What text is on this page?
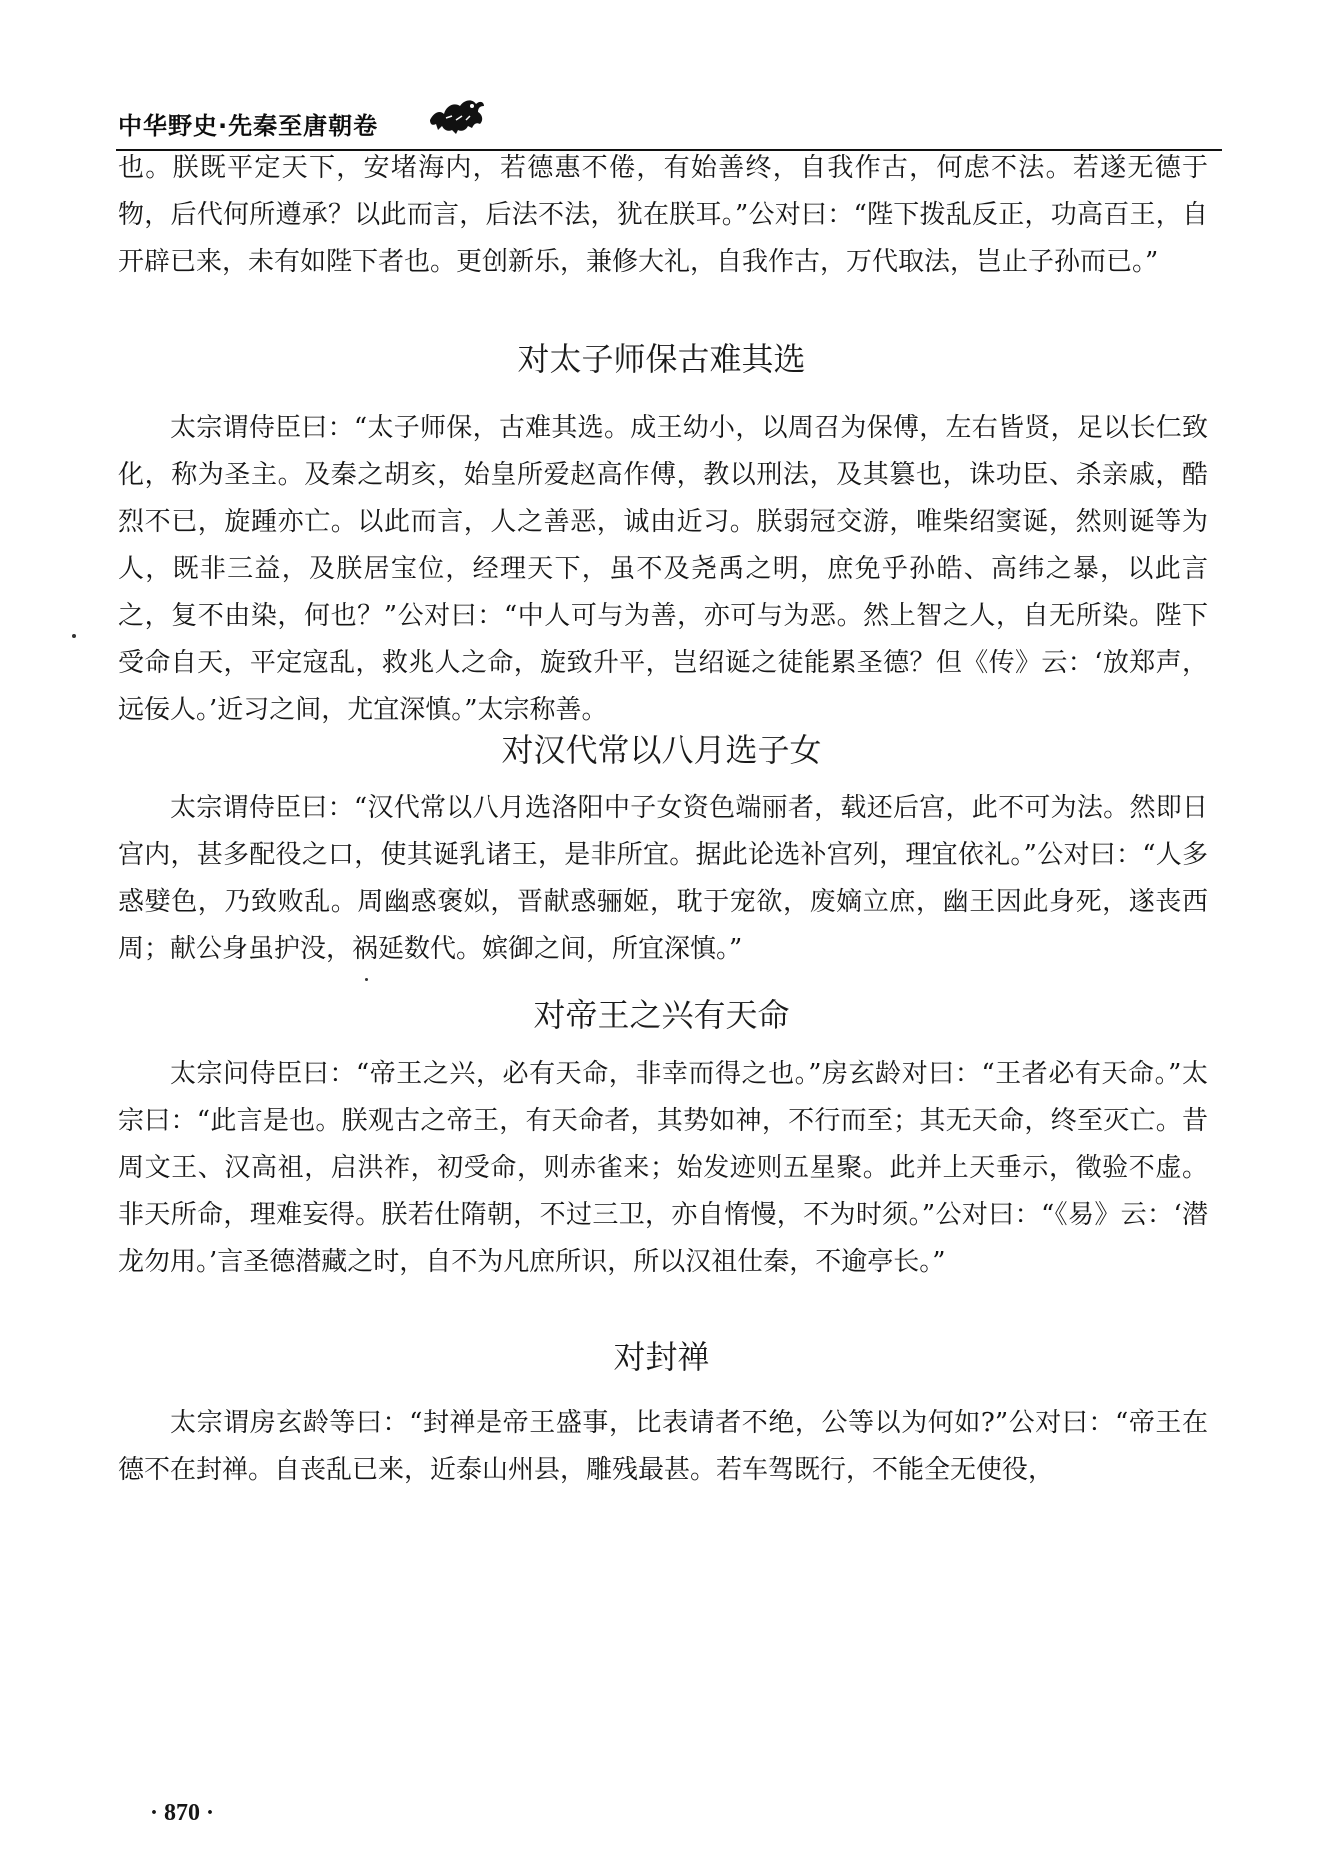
中华野史·先秦至唐朝卷

也。朕既平定天下，安堵海内，若德惠不倦，有始善终，自我作古，何虑不法。若遂无德于物，后代何所遵承？以此而言，后法不法，犹在朕耳。”公对曰：“陛下拨乱反正，功高百王，自开辟已来，未有如陛下者也。更创新乐，兼修大礼，自我作古，万代取法，岂止子孙而已。”

对太子师保古难其选

太宗谓侍臣曰：“太子师保，古难其选。成王幼小，以周召为保傅，左右皆贤，足以长仁致化，称为圣主。及秦之胡亥，始皇所爱赵高作傅，教以刑法，及其篡也，诛功臣、杀亲戚，酷烈不已，旋踵亦亡。以此而言，人之善恶，诚由近习。朕弱冠交游，唯柴绍窦诞，然则诞等为人，既非三益，及朕居宝位，经理天下，虽不及尧禹之明，庶免乎孙皓、高纬之暴，以此言之，复不由染，何也？”公对曰：“中人可与为善，亦可与为恶。然上智之人，自无所染。陛下受命自天，平定寇乱，救兆人之命，旋致升平，岂绍诞之徒能累圣德？但《传》云：‘放郑声，远佞人。’近习之间，尤宜深慎。”太宗称善。

对汉代常以八月选子女

太宗谓侍臣曰：“汉代常以八月选洛阳中子女资色端丽者，载还后宫，此不可为法。然即日宫内，甚多配役之口，使其诞乳诸王，是非所宜。据此论选补宫列，理宜依礼。”公对曰：“人多惑嬖色，乃致败乱。周幽惑褒姒，晋献惑骊姬，耽于宠欲，废嫡立庶，幽王因此身死，遂丧西周；献公身虽护没，祸延数代。嫔御之间，所宜深慎。”

对帝王之兴有天命

太宗问侍臣曰：“帝王之兴，必有天命，非幸而得之也。”房玄龄对曰：“王者必有天命。”太宗曰：“此言是也。朕观古之帝王，有天命者，其势如神，不行而至；其无天命，终至灭亡。昔周文王、汉高祖，启洪祚，初受命，则赤雀来；始发迹则五星聚。此并上天垂示，徵验不虚。非天所命，理难妄得。朕若仕隋朝，不过三卫，亦自惰慢，不为时须。”公对曰：“《易》云：‘潜龙勿用。’言圣德潜藏之时，自不为凡庶所识，所以汉祖仕秦，不逾亭长。”

对封禅

太宗谓房玄龄等曰：“封禅是帝王盛事，比表请者不绝，公等以为何如?”公对曰：“帝王在德不在封禅。自丧乱已来，近泰山州县，雕残最甚。若车驾既行，不能全无使役，

· 870 ·
